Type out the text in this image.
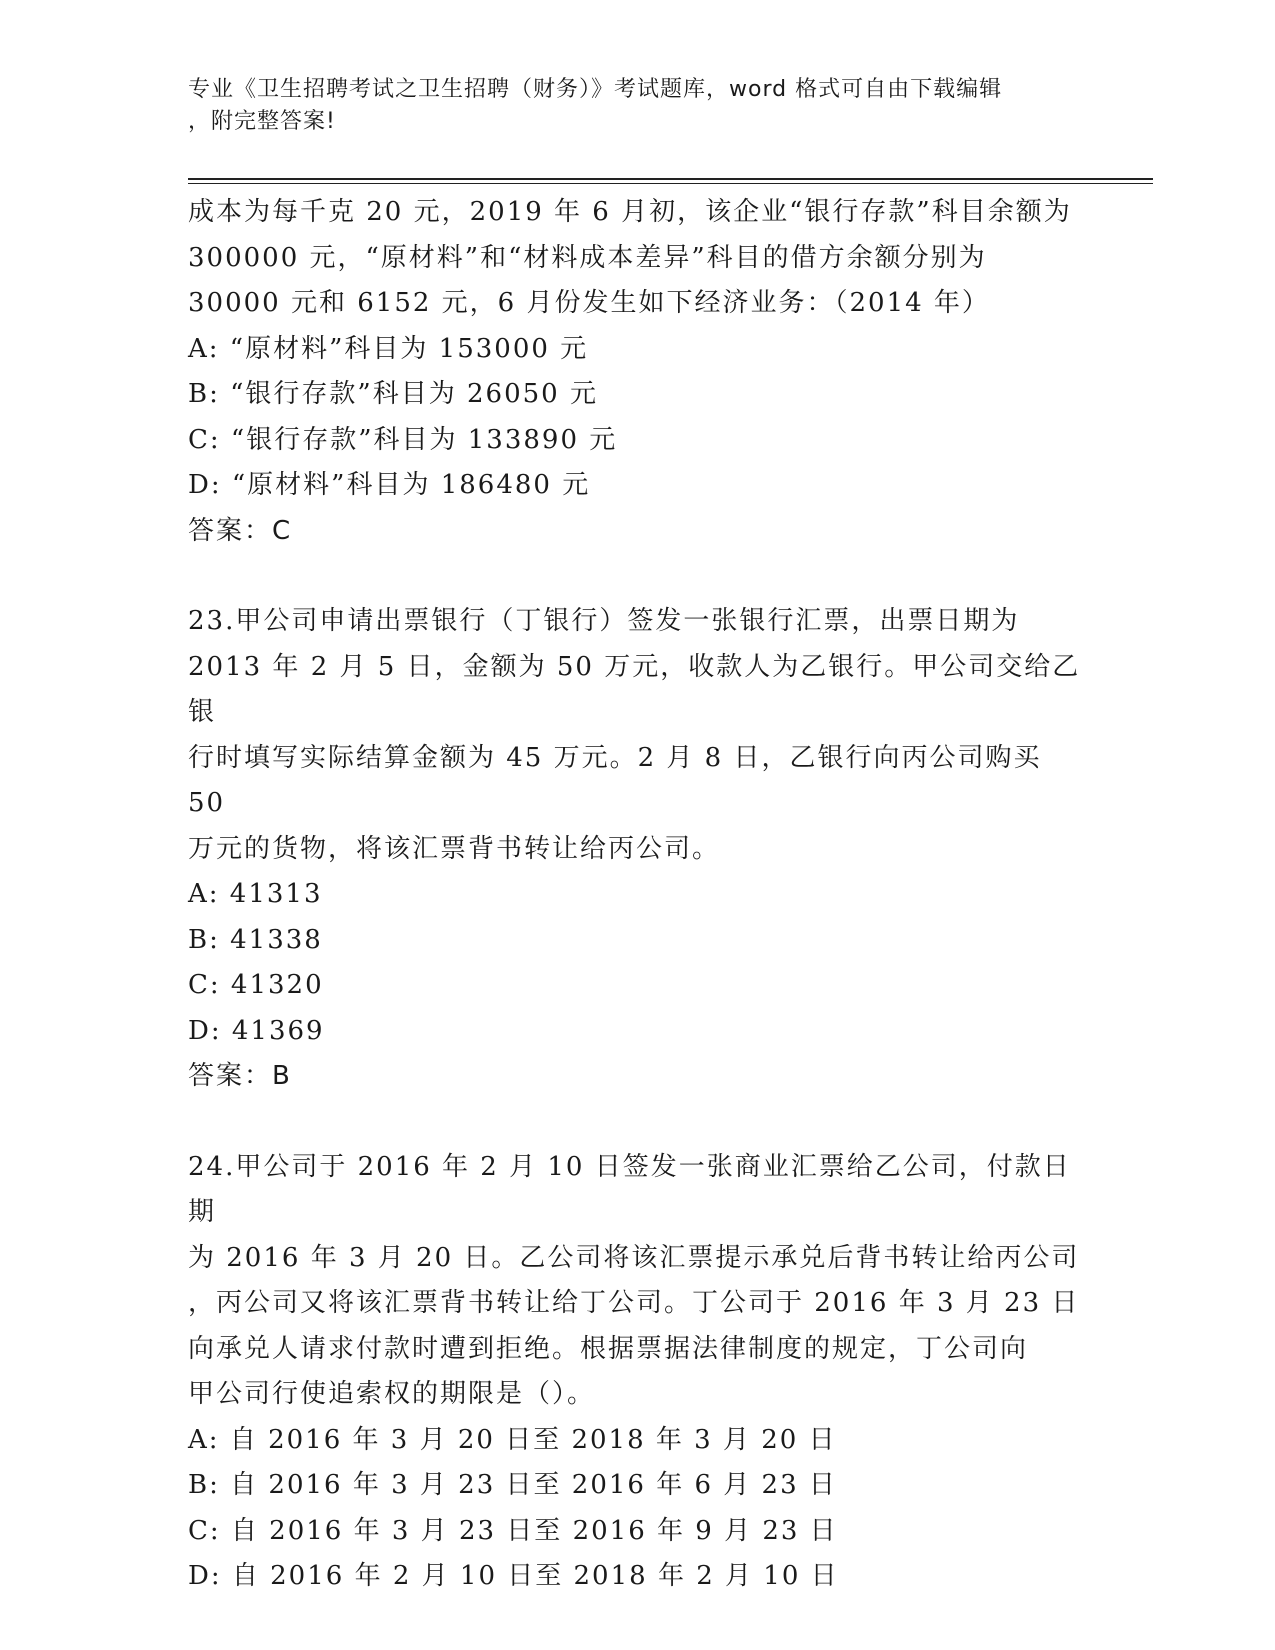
专业《卫生招聘考试之卫生招聘（财务）》考试题库，word 格式可自由下载编辑
，附完整答案!

成本为每千克 20 元，2019 年 6 月初，该企业“银行存款”科目余额为

300000 元，“原材料”和“材料成本差异”科目的借方余额分别为

30000 元和 6152 元，6 月份发生如下经济业务：（2014 年）

A: “原材料”科目为 153000 元

B: “银行存款”科目为 26050 元

C: “银行存款”科目为 133890 元

D: “原材料”科目为 186480 元

答案：C

23.甲公司申请出票银行（丁银行）签发一张银行汇票，出票日期为

2013 年 2 月 5 日，金额为 50 万元，收款人为乙银行。甲公司交给乙银

行时填写实际结算金额为 45 万元。2 月 8 日，乙银行向丙公司购买 50

万元的货物，将该汇票背书转让给丙公司。

A: 41313

B: 41338

C: 41320

D: 41369

答案：B

24.甲公司于 2016 年 2 月 10 日签发一张商业汇票给乙公司，付款日期

为 2016 年 3 月 20 日。乙公司将该汇票提示承兑后背书转让给丙公司

，丙公司又将该汇票背书转让给丁公司。丁公司于 2016 年 3 月 23 日

向承兑人请求付款时遭到拒绝。根据票据法律制度的规定，丁公司向

甲公司行使追索权的期限是（）。

A: 自 2016 年 3 月 20 日至 2018 年 3 月 20 日

B: 自 2016 年 3 月 23 日至 2016 年 6 月 23 日

C: 自 2016 年 3 月 23 日至 2016 年 9 月 23 日

D: 自 2016 年 2 月 10 日至 2018 年 2 月 10 日
